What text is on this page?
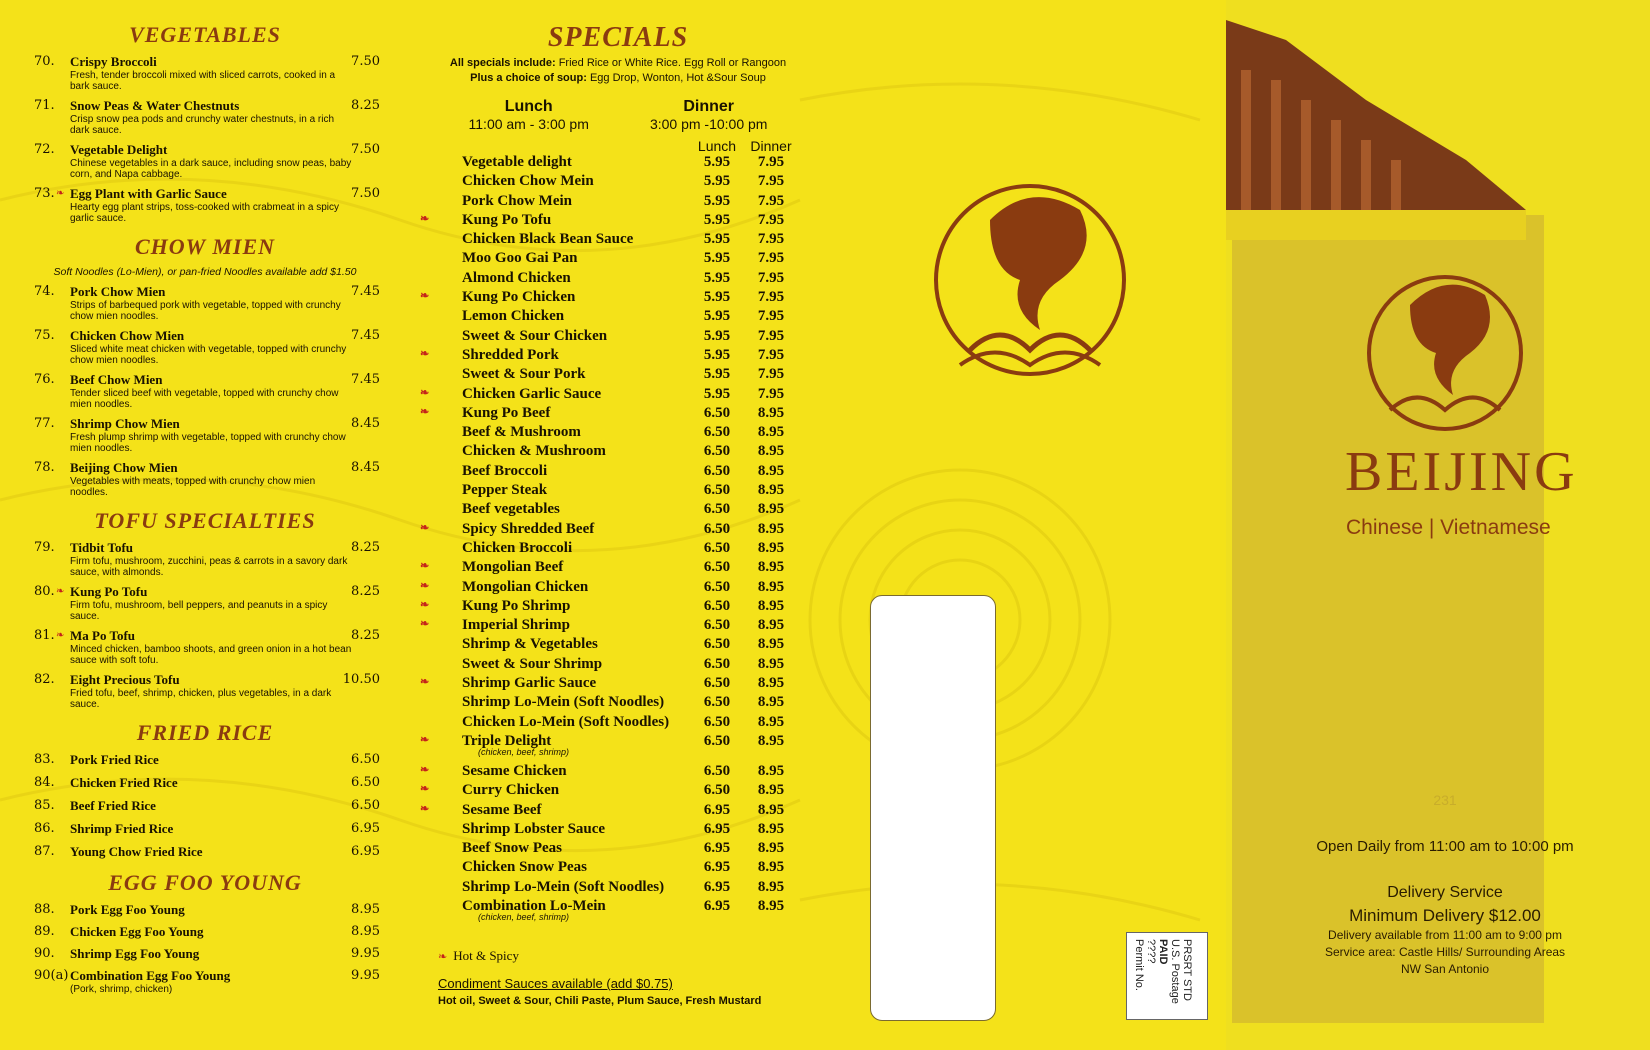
VEGETABLES
70.	Crispy Broccoli	7.50
Fresh, tender broccoli mixed with sliced carrots, cooked in a bark sauce.
71.	Snow Peas & Water Chestnuts	8.25
Crisp snow pea pods and crunchy water chestnuts, in a rich dark sauce.
72.	Vegetable Delight	7.50
Chinese vegetables in a dark sauce, including snow peas, baby corn, and Napa cabbage.
73. ❧ Egg Plant with Garlic Sauce	7.50
Hearty egg plant strips, toss-cooked with crabmeat in a spicy garlic sauce.
CHOW MIEN
Soft Noodles (Lo-Mien), or pan-fried Noodles available add $1.50
74.	Pork Chow Mien	7.45
Strips of barbequed pork with vegetable, topped with crunchy chow mien noodles.
75.	Chicken Chow Mien	7.45
Sliced white meat chicken with vegetable, topped with crunchy chow mien noodles.
76.	Beef Chow Mien	7.45
Tender sliced beef with vegetable, topped with crunchy chow mien noodles.
77.	Shrimp Chow Mien	8.45
Fresh plump shrimp with vegetable, topped with crunchy chow mien noodles.
78.	Beijing Chow Mien	8.45
Vegetables with meats, topped with crunchy chow mien noodles.
TOFU SPECIALTIES
79.	Tidbit Tofu	8.25
Firm tofu, mushroom, zucchini, peas & carrots in a savory dark sauce, with almonds.
80. ❧ Kung Po Tofu	8.25
Firm tofu, mushroom, bell peppers, and peanuts in a spicy sauce.
81. ❧ Ma Po Tofu	8.25
Minced chicken, bamboo shoots, and green onion in a hot bean sauce with soft tofu.
82.	Eight Precious Tofu	10.50
Fried tofu, beef, shrimp, chicken, plus vegetables, in a dark sauce.
FRIED RICE
83.	Pork Fried Rice	6.50
84.	Chicken Fried Rice	6.50
85.	Beef Fried Rice	6.50
86.	Shrimp Fried Rice	6.95
87.	Young Chow Fried Rice	6.95
EGG FOO YOUNG
88.	Pork Egg Foo Young	8.95
89.	Chicken Egg Foo Young	8.95
90.	Shrimp Egg Foo Young	9.95
90(a) Combination Egg Foo Young	9.95
(Pork, shrimp, chicken)
SPECIALS
All specials include: Fried Rice or White Rice. Egg Roll or Rangoon
Plus a choice of soup: Egg Drop, Wonton, Hot &Sour Soup
Lunch
11:00 am - 3:00 pm
Dinner
3:00 pm -10:00 pm
Lunch	Dinner
Vegetable delight	5.95	7.95
Chicken Chow Mein	5.95	7.95
Pork Chow Mein	5.95	7.95
❧	Kung Po Tofu	5.95	7.95
Chicken Black Bean Sauce	5.95	7.95
Moo Goo Gai Pan	5.95	7.95
Almond Chicken	5.95	7.95
❧	Kung Po Chicken	5.95	7.95
Lemon Chicken	5.95	7.95
Sweet & Sour Chicken	5.95	7.95
❧	Shredded Pork	5.95	7.95
Sweet & Sour Pork	5.95	7.95
❧	Chicken Garlic Sauce	5.95	7.95
❧	Kung Po Beef	6.50	8.95
Beef & Mushroom	6.50	8.95
Chicken & Mushroom	6.50	8.95
Beef Broccoli	6.50	8.95
Pepper Steak	6.50	8.95
Beef vegetables	6.50	8.95
❧	Spicy Shredded Beef	6.50	8.95
Chicken Broccoli	6.50	8.95
❧	Mongolian Beef	6.50	8.95
❧	Mongolian Chicken	6.50	8.95
❧	Kung Po Shrimp	6.50	8.95
❧	Imperial Shrimp	6.50	8.95
Shrimp & Vegetables	6.50	8.95
Sweet & Sour Shrimp	6.50	8.95
❧	Shrimp Garlic Sauce	6.50	8.95
Shrimp Lo-Mein (Soft Noodles)	6.50	8.95
Chicken Lo-Mein (Soft Noodles)	6.50	8.95
❧	Triple Delight	6.50	8.95
(chicken, beef, shrimp)
❧	Sesame Chicken	6.50	8.95
❧	Curry Chicken	6.50	8.95
❧	Sesame Beef	6.95	8.95
Shrimp Lobster Sauce	6.95	8.95
Beef Snow Peas	6.95	8.95
Chicken Snow Peas	6.95	8.95
Shrimp Lo-Mein (Soft Noodles)	6.95	8.95
Combination Lo-Mein	6.95	8.95
(chicken, beef, shrimp)
❧ Hot & Spicy
Condiment Sauces available (add $0.75)
Hot oil, Sweet & Sour, Chili Paste, Plum Sauce, Fresh Mustard
PRSRT STD
U.S. Postage
PAID
????
Permit No.
BEIJING
Chinese | Vietnamese
231
Open Daily from 11:00 am to 10:00 pm
Delivery Service
Minimum Delivery $12.00
Delivery available from 11:00 am to 9:00 pm
Service area: Castle Hills/ Surrounding Areas
NW San Antonio
